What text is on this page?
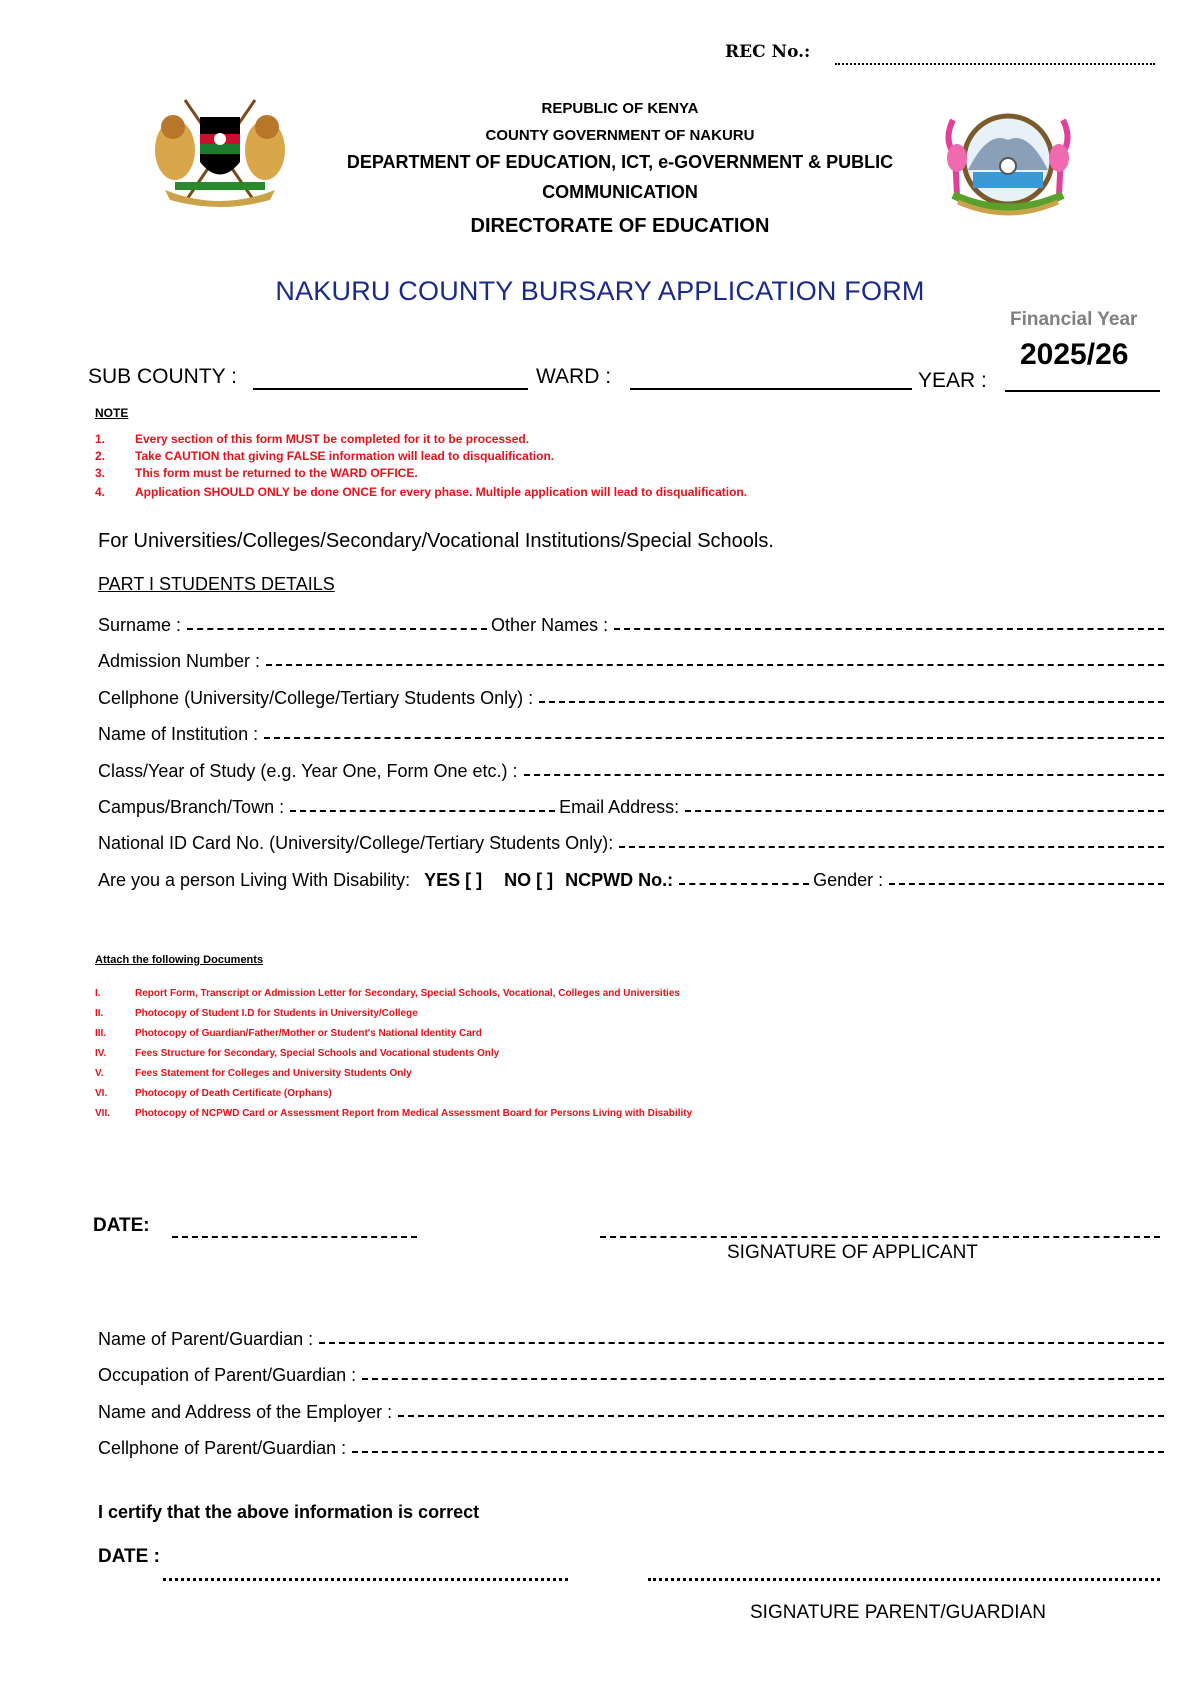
REC No.:
REPUBLIC OF KENYA
COUNTY GOVERNMENT OF NAKURU
DEPARTMENT OF EDUCATION, ICT, e-GOVERNMENT & PUBLIC
COMMUNICATION
DIRECTORATE OF EDUCATION
NAKURU COUNTY BURSARY APPLICATION FORM
Financial Year
2025/26
SUB COUNTY :	WARD :	YEAR :
NOTE
1. Every section of this form MUST be completed for it to be processed.
2. Take CAUTION that giving FALSE information will lead to disqualification.
3. This form must be returned to the WARD OFFICE.
4. Application SHOULD ONLY be done ONCE for every phase. Multiple application will lead to disqualification.
For Universities/Colleges/Secondary/Vocational Institutions/Special Schools.
PART I STUDENTS DETAILS
Surname :	Other Names :
Admission Number :
Cellphone (University/College/Tertiary Students Only) :
Name of Institution :
Class/Year of Study (e.g. Year One, Form One etc.) :
Campus/Branch/Town :	Email Address:
National ID Card No. (University/College/Tertiary Students Only):
Are you a person Living With Disability: YES [ ] NO [ ] NCPWD No.:	Gender :
Attach the following Documents
I.	Report Form, Transcript or Admission Letter for Secondary, Special Schools, Vocational, Colleges and Universities
II.	Photocopy of Student I.D for Students in University/College
III.	Photocopy of Guardian/Father/Mother or Student's National Identity Card
IV.	Fees Structure for Secondary, Special Schools and Vocational students Only
V.	Fees Statement for Colleges and University Students Only
VI.	Photocopy of Death Certificate (Orphans)
VII. Photocopy of NCPWD Card or Assessment Report from Medical Assessment Board for Persons Living with Disability
DATE:
SIGNATURE OF APPLICANT
Name of Parent/Guardian :
Occupation of Parent/Guardian :
Name and Address of the Employer :
Cellphone of Parent/Guardian :
I certify that the above information is correct
DATE :
SIGNATURE PARENT/GUARDIAN
